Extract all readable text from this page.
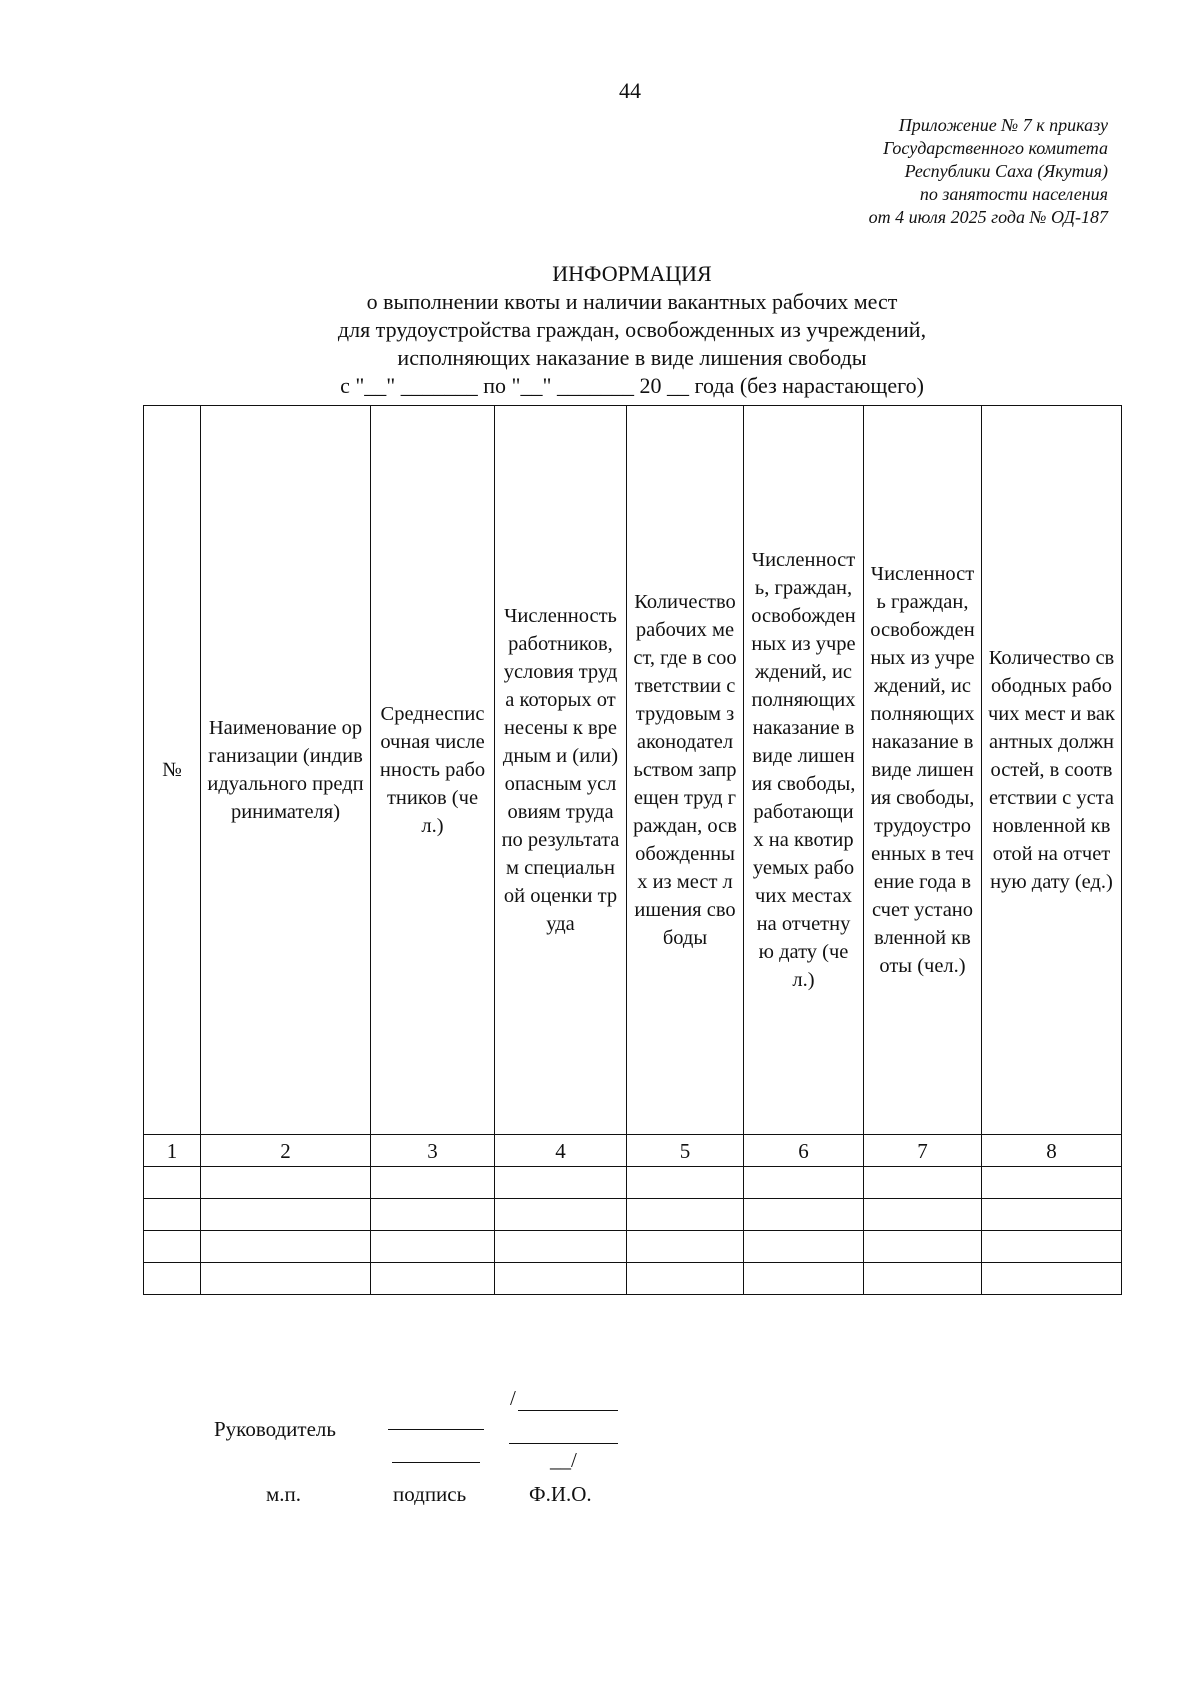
44
Приложение № 7 к приказу
Государственного комитета
Республики Саха (Якутия)
по занятости населения
от 4 июля 2025 года № ОД-187
ИНФОРМАЦИЯ
о выполнении квоты и наличии вакантных рабочих мест
для трудоустройства граждан, освобожденных из учреждений,
исполняющих наказание в виде лишения свободы
с "__" _______ по "__" _______ 20 __ года (без нарастающего)
№	Наименование организации (индивидуального предпринимателя)	Среднесписочная численность работников (чел.)	Численность работников, условия труда которых отнесены к вредным и (или) опасным условиям труда по результатам специальной оценки труда	Количество рабочих мест, где в соответствии с трудовым законодательством запрещен труд граждан, освобожденных из мест лишения свободы	Численность, граждан, освобожденных из учреждений, исполняющих наказание в виде лишения свободы, работающих на квотируемых рабочих местах на отчетную дату (чел.)	Численность граждан, освобожденных из учреждений, исполняющих наказание в виде лишения свободы, трудоустроенных в течение года в счет установленной квоты (чел.)	Количество свободных рабочих мест и вакантных должностей, в соответствии с установленной квотой на отчетную дату (ед.)
1	2	3	4	5	6	7	8

Руководитель
/
__/
м.п.	подпись	Ф.И.О.
